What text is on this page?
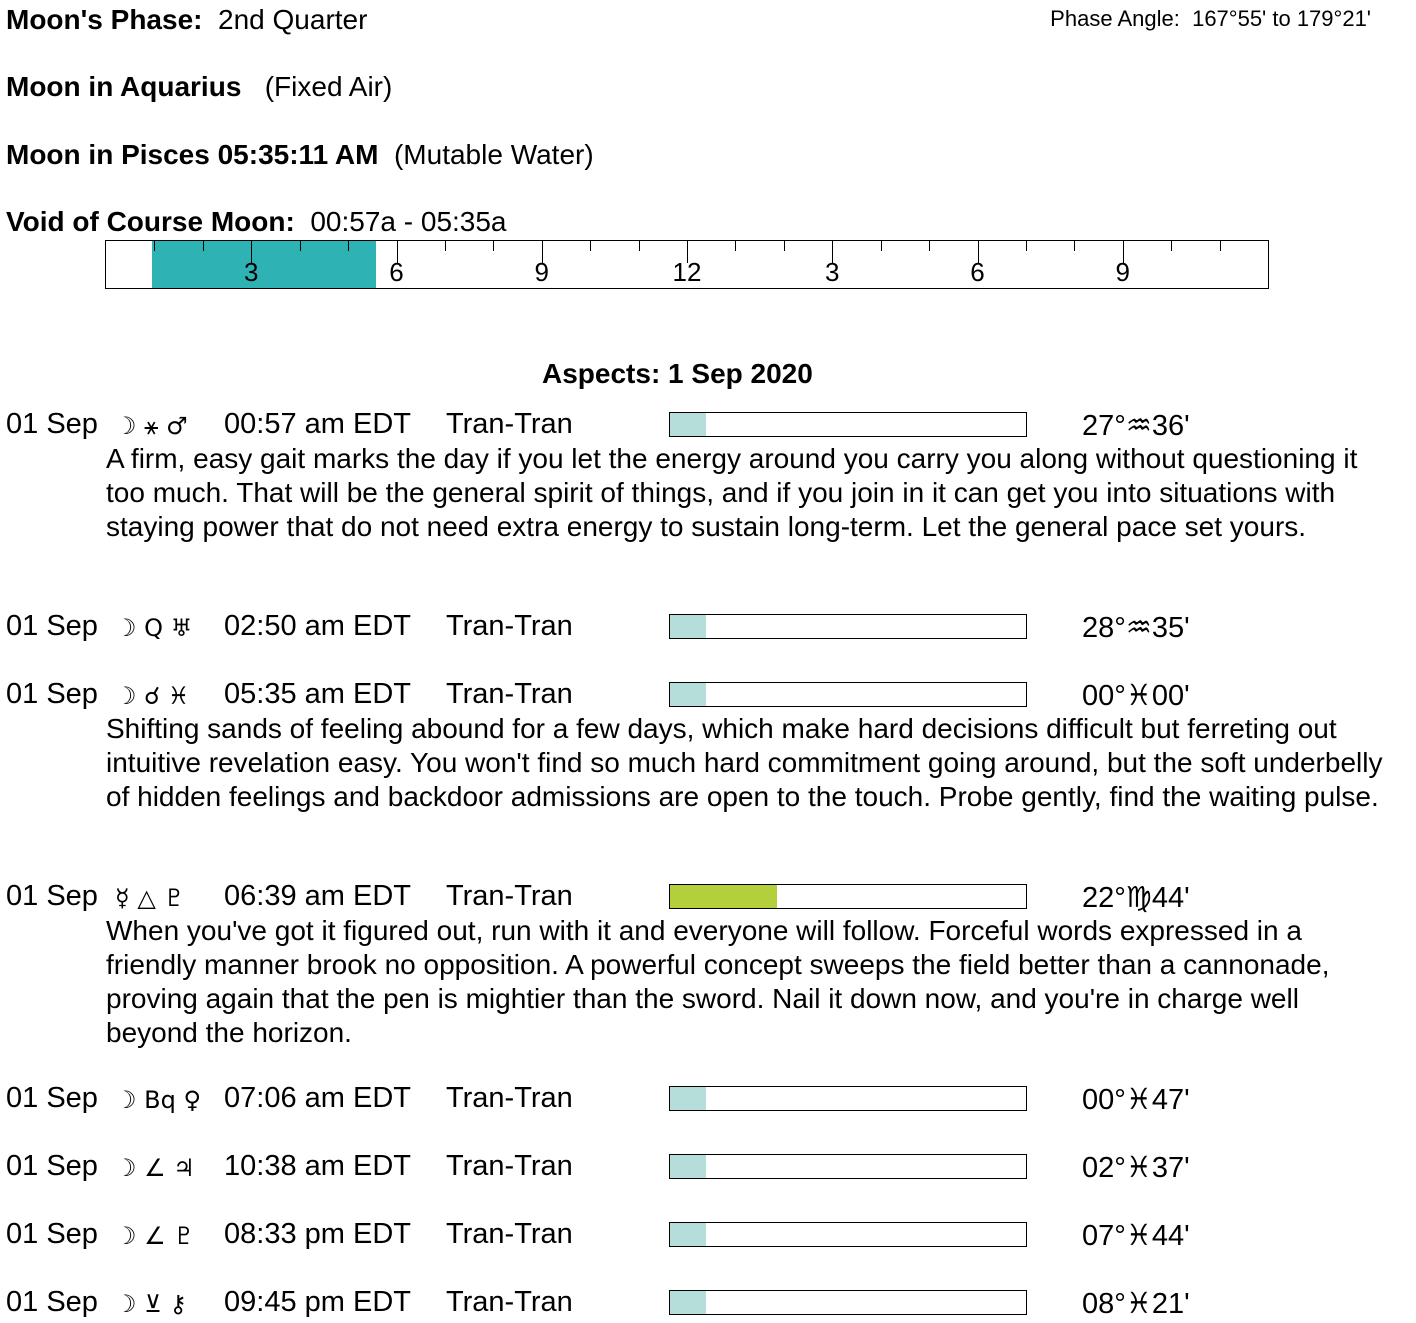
Moon's Phase: 2nd Quarter	Phase Angle: 167°55' to 179°21'
Moon in Aquarius (Fixed Air)
Moon in Pisces 05:35:11 AM (Mutable Water)
Void of Course Moon: 00:57a - 05:35a
3	6	9	12	3	6	9
Aspects: 1 Sep 2020
01 Sep ☽ ⚹ ♂ 00:57 am EDT Tran-Tran	27°♒36'
A firm, easy gait marks the day if you let the energy around you carry you along without questioning it too much. That will be the general spirit of things, and if you join in it can get you into situations with staying power that do not need extra energy to sustain long-term. Let the general pace set yours.
01 Sep ☽ Q ♅ 02:50 am EDT Tran-Tran	28°♒35'
01 Sep ☽ ☌ ♓ 05:35 am EDT Tran-Tran	00°♓00'
Shifting sands of feeling abound for a few days, which make hard decisions difficult but ferreting out intuitive revelation easy. You won't find so much hard commitment going around, but the soft underbelly of hidden feelings and backdoor admissions are open to the touch. Probe gently, find the waiting pulse.
01 Sep ☿ △ ♇ 06:39 am EDT Tran-Tran	22°♍44'
When you've got it figured out, run with it and everyone will follow. Forceful words expressed in a friendly manner brook no opposition. A powerful concept sweeps the field better than a cannonade, proving again that the pen is mightier than the sword. Nail it down now, and you're in charge well beyond the horizon.
01 Sep ☽ Bq ♀ 07:06 am EDT Tran-Tran	00°♓47'
01 Sep ☽ ∠ ♃ 10:38 am EDT Tran-Tran	02°♓37'
01 Sep ☽ ∠ ♇ 08:33 pm EDT Tran-Tran	07°♓44'
01 Sep ☽ ⊻ ⚷ 09:45 pm EDT Tran-Tran	08°♓21'
